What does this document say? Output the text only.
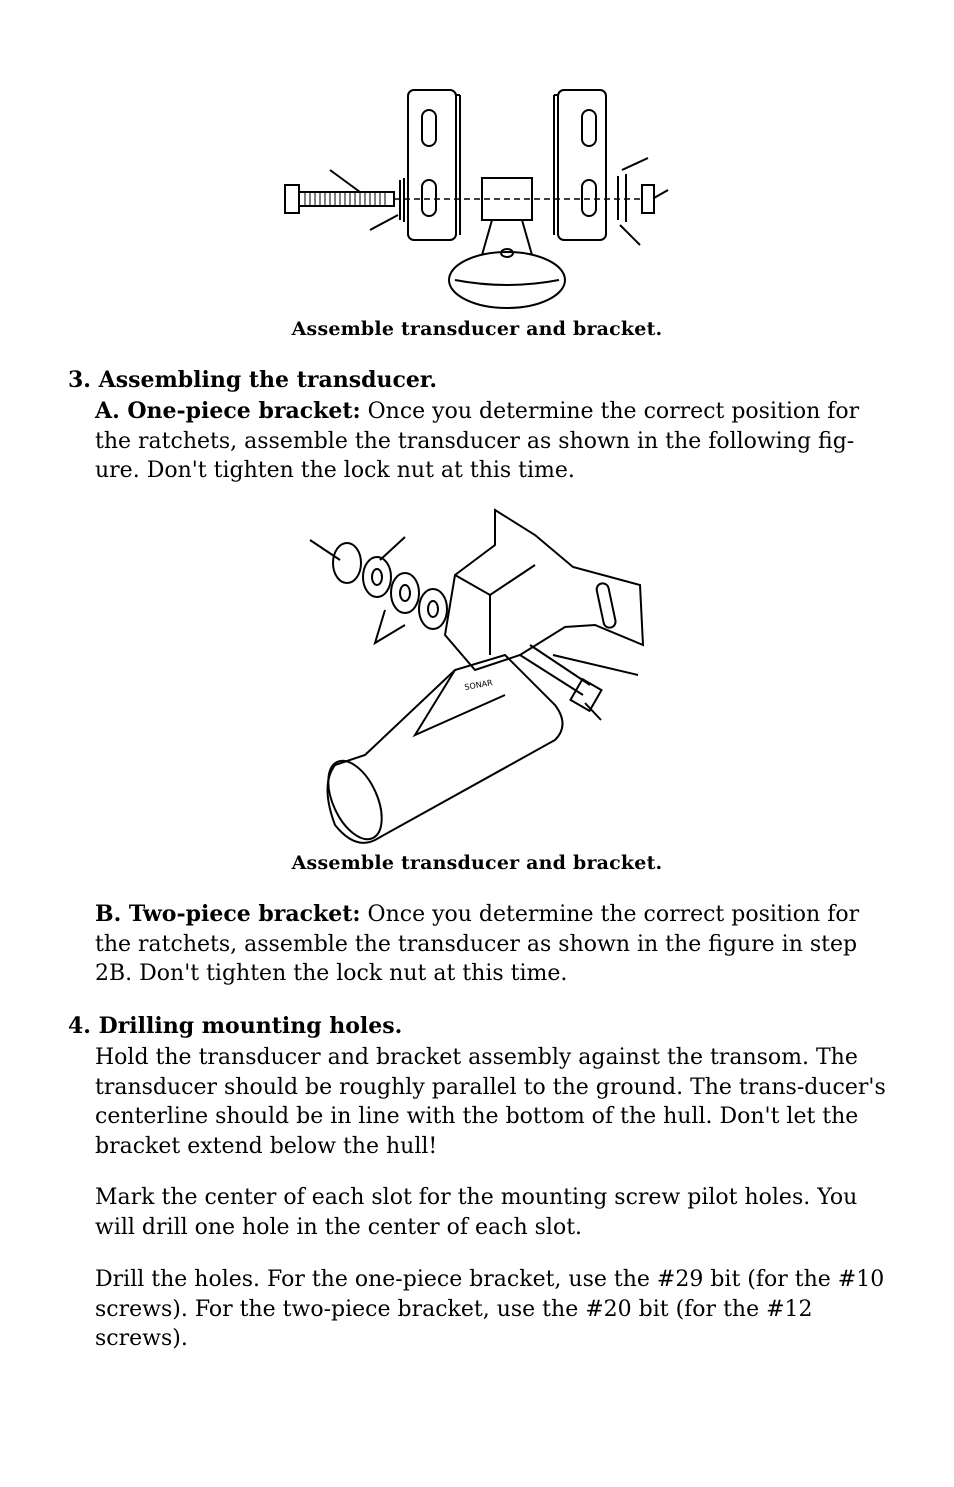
Assemble transducer and bracket.
3. Assembling the transducer.
A. One-piece bracket: Once you determine the correct position for the ratchets, assemble the transducer as shown in the following fig-ure. Don't tighten the lock nut at this time.
SONAR
Assemble transducer and bracket.
B. Two-piece bracket: Once you determine the correct position for the ratchets, assemble the transducer as shown in the figure in step 2B. Don't tighten the lock nut at this time.
4. Drilling mounting holes.
Hold the transducer and bracket assembly against the transom. The transducer should be roughly parallel to the ground. The trans-ducer's centerline should be in line with the bottom of the hull. Don't let the bracket extend below the hull!
Mark the center of each slot for the mounting screw pilot holes. You will drill one hole in the center of each slot.
Drill the holes. For the one-piece bracket, use the #29 bit (for the #10 screws). For the two-piece bracket, use the #20 bit (for the #12 screws).
